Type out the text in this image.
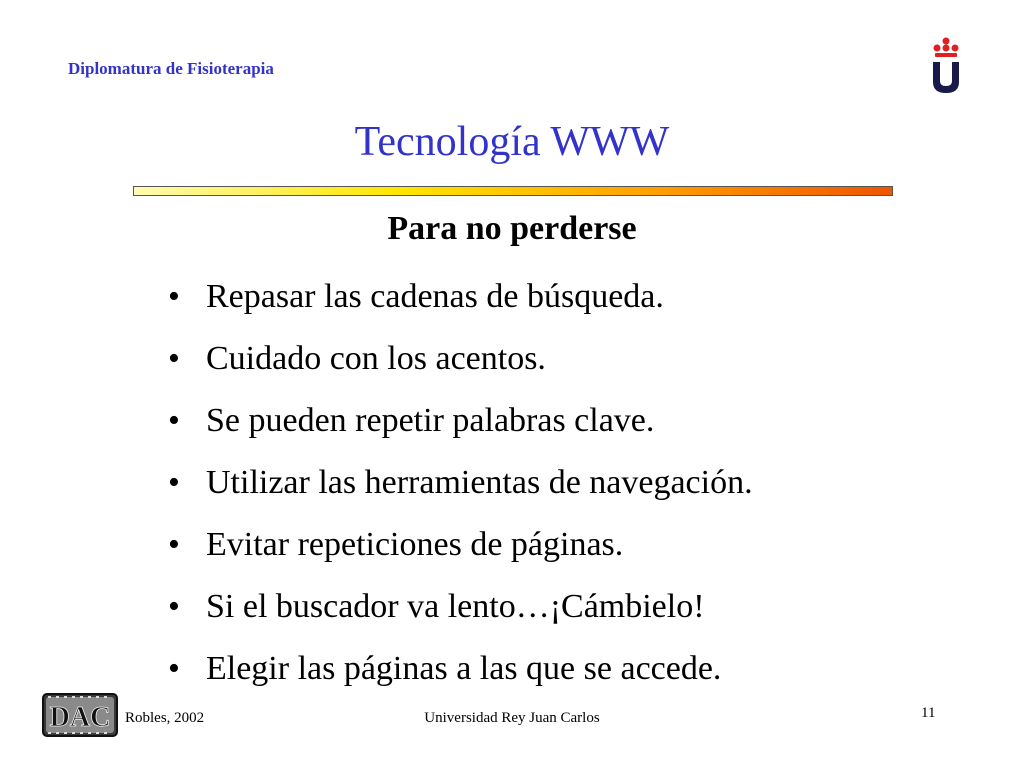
Diplomatura de Fisioterapia
Tecnología WWW
Para no perderse
• Repasar las cadenas de búsqueda.
• Cuidado con los acentos.
• Se pueden repetir palabras clave.
• Utilizar las herramientas de navegación.
• Evitar repeticiones de páginas.
• Si el buscador va lento…¡Cámbielo!
• Elegir las páginas a las que se accede.
DAC Robles, 2002	Universidad Rey Juan Carlos	11
